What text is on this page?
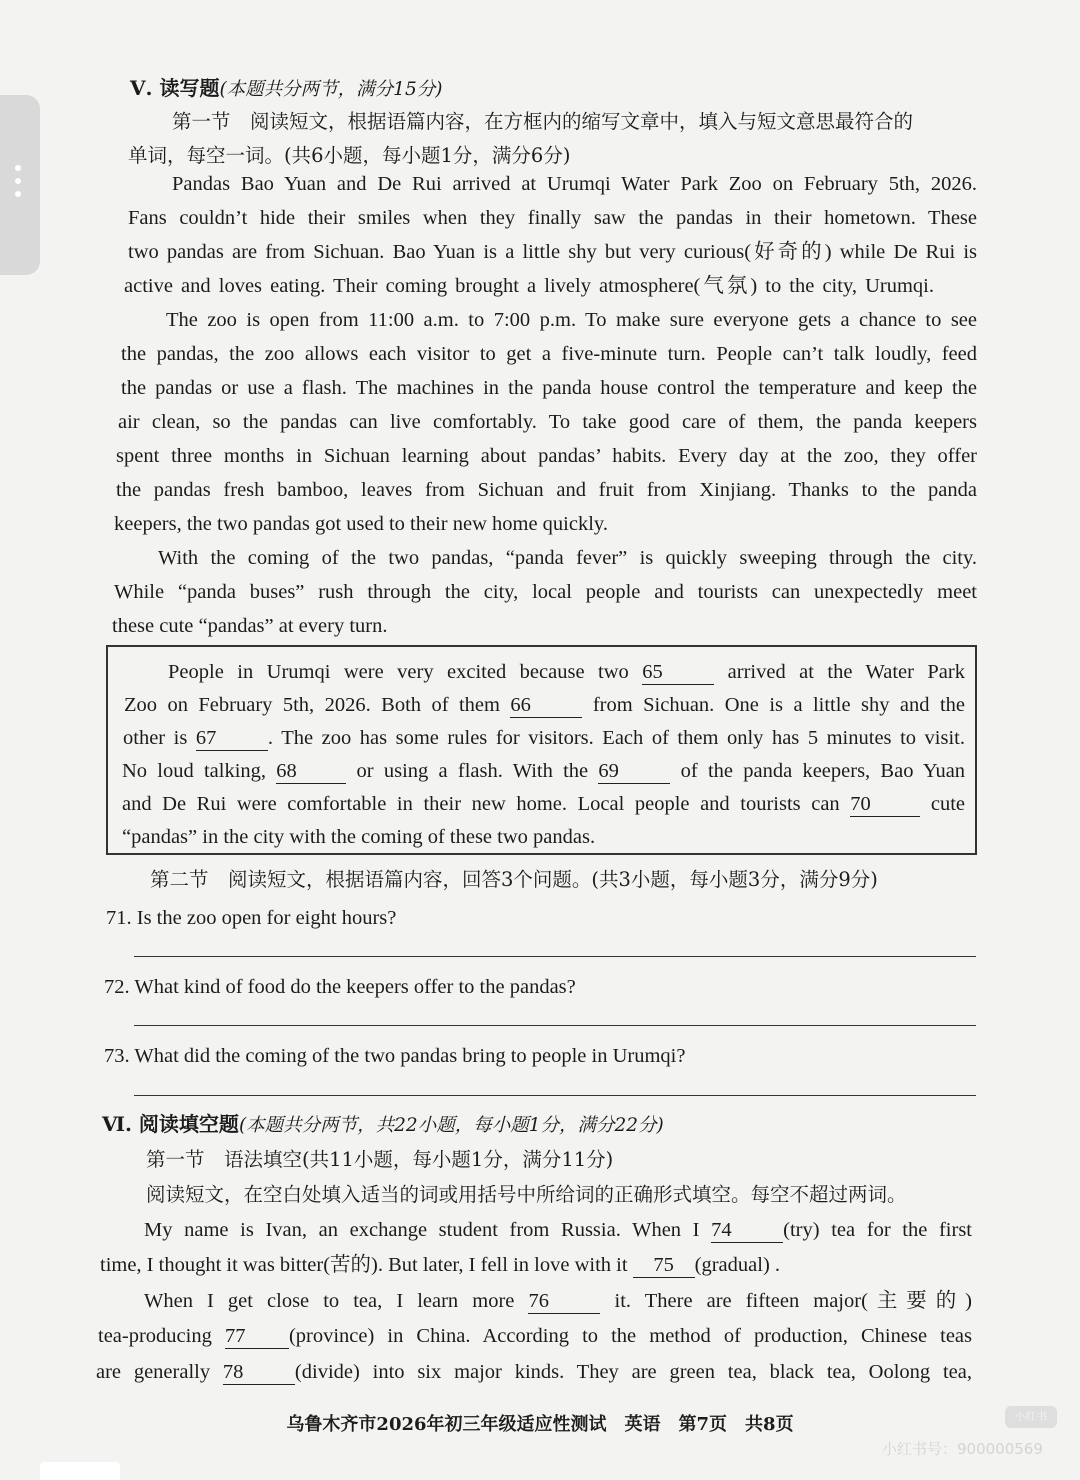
Ⅴ. 读写题(本题共分两节，满分15分)
第一节　阅读短文，根据语篇内容，在方框内的缩写文章中，填入与短文意思最符合的
单词，每空一词。(共6小题，每小题1分，满分6分)
Pandas Bao Yuan and De Rui arrived at Urumqi Water Park Zoo on February 5th, 2026.
Fans couldn’t hide their smiles when they finally saw the pandas in their hometown. These
two pandas are from Sichuan. Bao Yuan is a little shy but very curious(好奇的) while De Rui is
active and loves eating. Their coming brought a lively atmosphere(气氛) to the city, Urumqi.
The zoo is open from 11:00 a.m. to 7:00 p.m. To make sure everyone gets a chance to see
the pandas, the zoo allows each visitor to get a five-minute turn. People can’t talk loudly, feed
the pandas or use a flash. The machines in the panda house control the temperature and keep the
air clean, so the pandas can live comfortably. To take good care of them, the panda keepers
spent three months in Sichuan learning about pandas’ habits. Every day at the zoo, they offer
the pandas fresh bamboo, leaves from Sichuan and fruit from Xinjiang. Thanks to the panda
keepers, the two pandas got used to their new home quickly.
With the coming of the two pandas, “panda fever” is quickly sweeping through the city.
While “panda buses” rush through the city, local people and tourists can unexpectedly meet
these cute “pandas” at every turn.
People in Urumqi were very excited because two 65	arrived at the Water Park
Zoo on February 5th, 2026. Both of them 66	from Sichuan. One is a little shy and the
other is 67	. The zoo has some rules for visitors. Each of them only has 5 minutes to visit.
No loud talking, 68	or using a flash. With the 69	of the panda keepers, Bao Yuan
and De Rui were comfortable in their new home. Local people and tourists can 70	cute
“pandas” in the city with the coming of these two pandas.
第二节　阅读短文，根据语篇内容，回答3个问题。(共3小题，每小题3分，满分9分)
71. Is the zoo open for eight hours?
72. What kind of food do the keepers offer to the pandas?
73. What did the coming of the two pandas bring to people in Urumqi?
Ⅵ. 阅读填空题(本题共分两节，共22小题，每小题1分，满分22分)
第一节　语法填空(共11小题，每小题1分，满分11分)
阅读短文，在空白处填入适当的词或用括号中所给词的正确形式填空。每空不超过两词。
My name is Ivan, an exchange student from Russia. When I 74	(try) tea for the first
time, I thought it was bitter(苦的). But later, I fell in love with it 75 (gradual) .
When I get close to tea, I learn more 76	it. There are fifteen major(主要的)
tea-producing 77 (province) in China. According to the method of production, Chinese teas
are generally 78	(divide) into six major kinds. They are green tea, black tea, Oolong tea,
乌鲁木齐市2026年初三年级适应性测试　英语　第7页　共8页	小红书
小红书号：900000569
